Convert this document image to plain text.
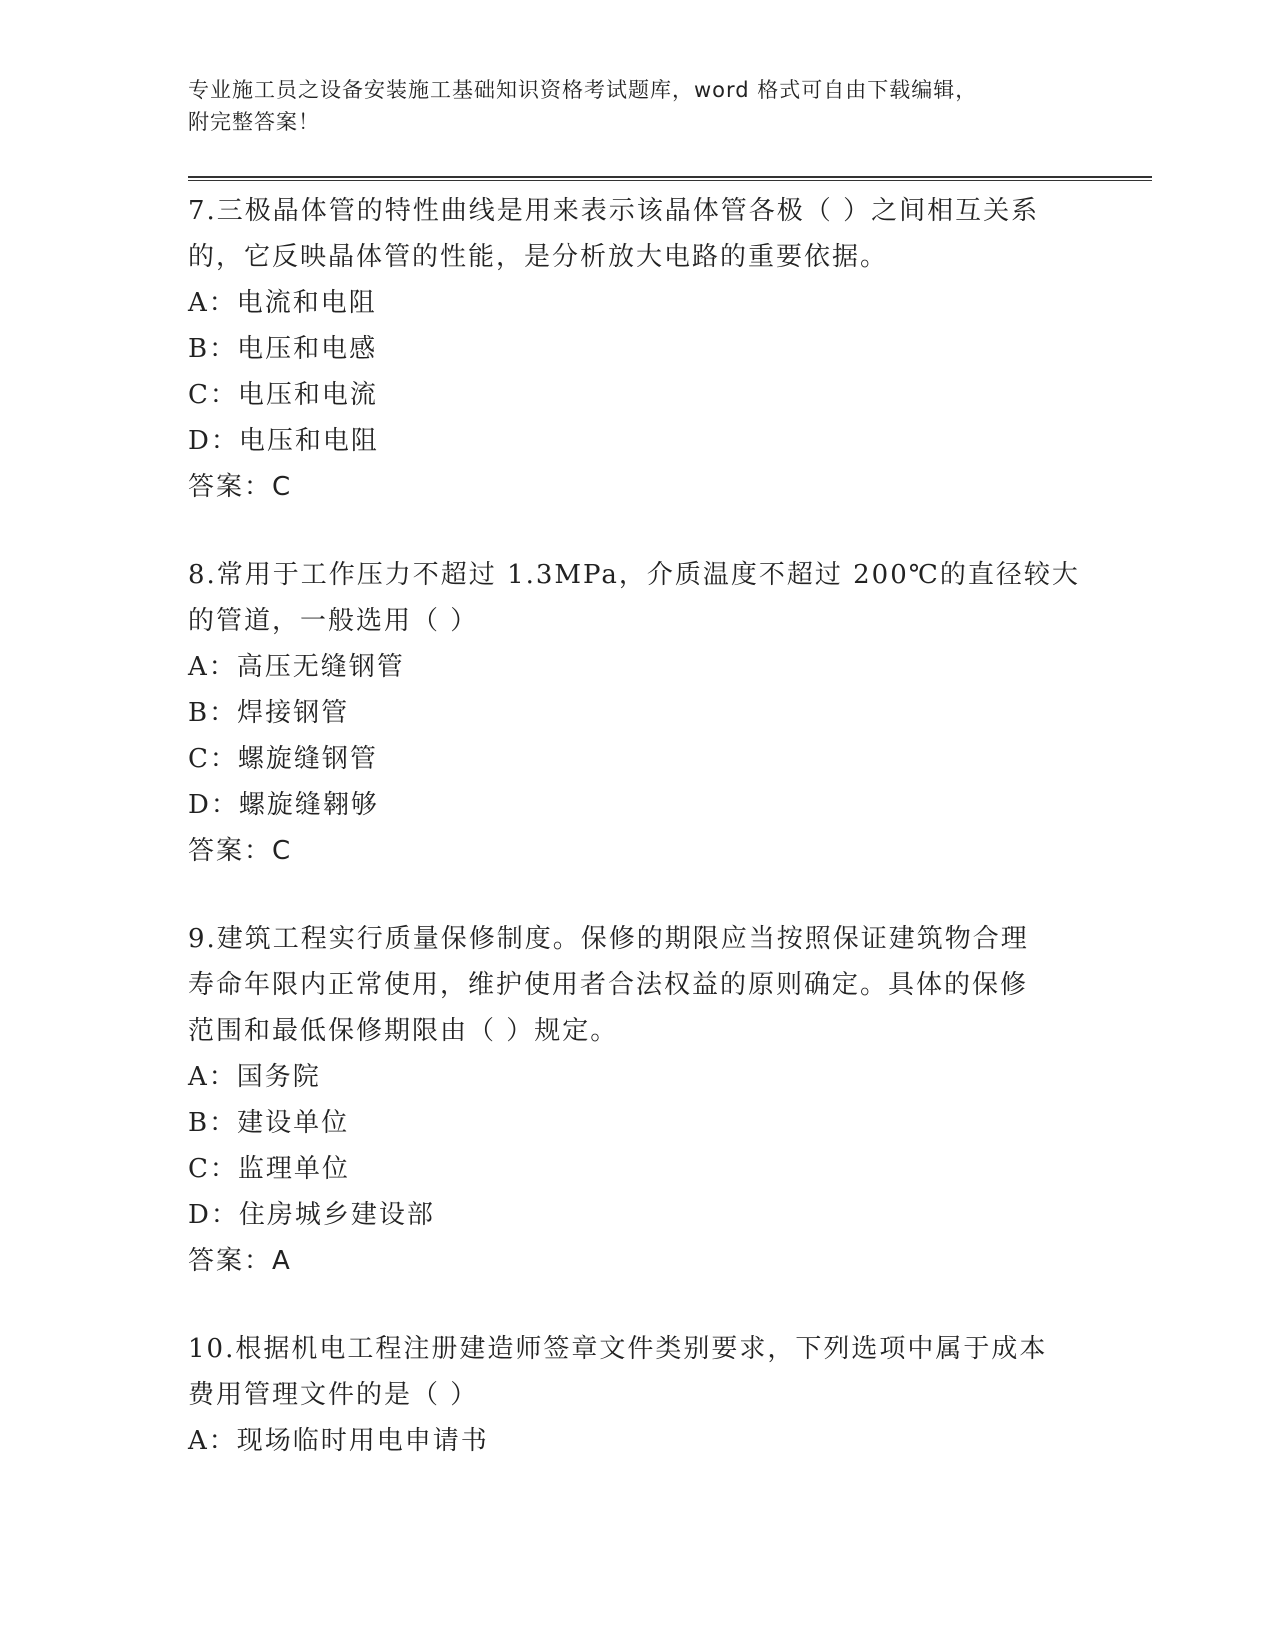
专业施工员之设备安装施工基础知识资格考试题库，word 格式可自由下载编辑，
附完整答案！
7.三极晶体管的特性曲线是用来表示该晶体管各极（ ）之间相互关系
的，它反映晶体管的性能，是分析放大电路的重要依据。
A：电流和电阻
B：电压和电感
C：电压和电流
D：电压和电阻
答案：C
8.常用于工作压力不超过 1.3MPa，介质温度不超过 200℃的直径较大
的管道，一般选用（ ）
A：高压无缝钢管
B：焊接钢管
C：螺旋缝钢管
D：螺旋缝翱够
答案：C
9.建筑工程实行质量保修制度。保修的期限应当按照保证建筑物合理
寿命年限内正常使用，维护使用者合法权益的原则确定。具体的保修
范围和最低保修期限由（ ）规定。
A：国务院
B：建设单位
C：监理单位
D：住房城乡建设部
答案：A
10.根据机电工程注册建造师签章文件类别要求，下列选项中属于成本
费用管理文件的是（ ）
A：现场临时用电申请书
